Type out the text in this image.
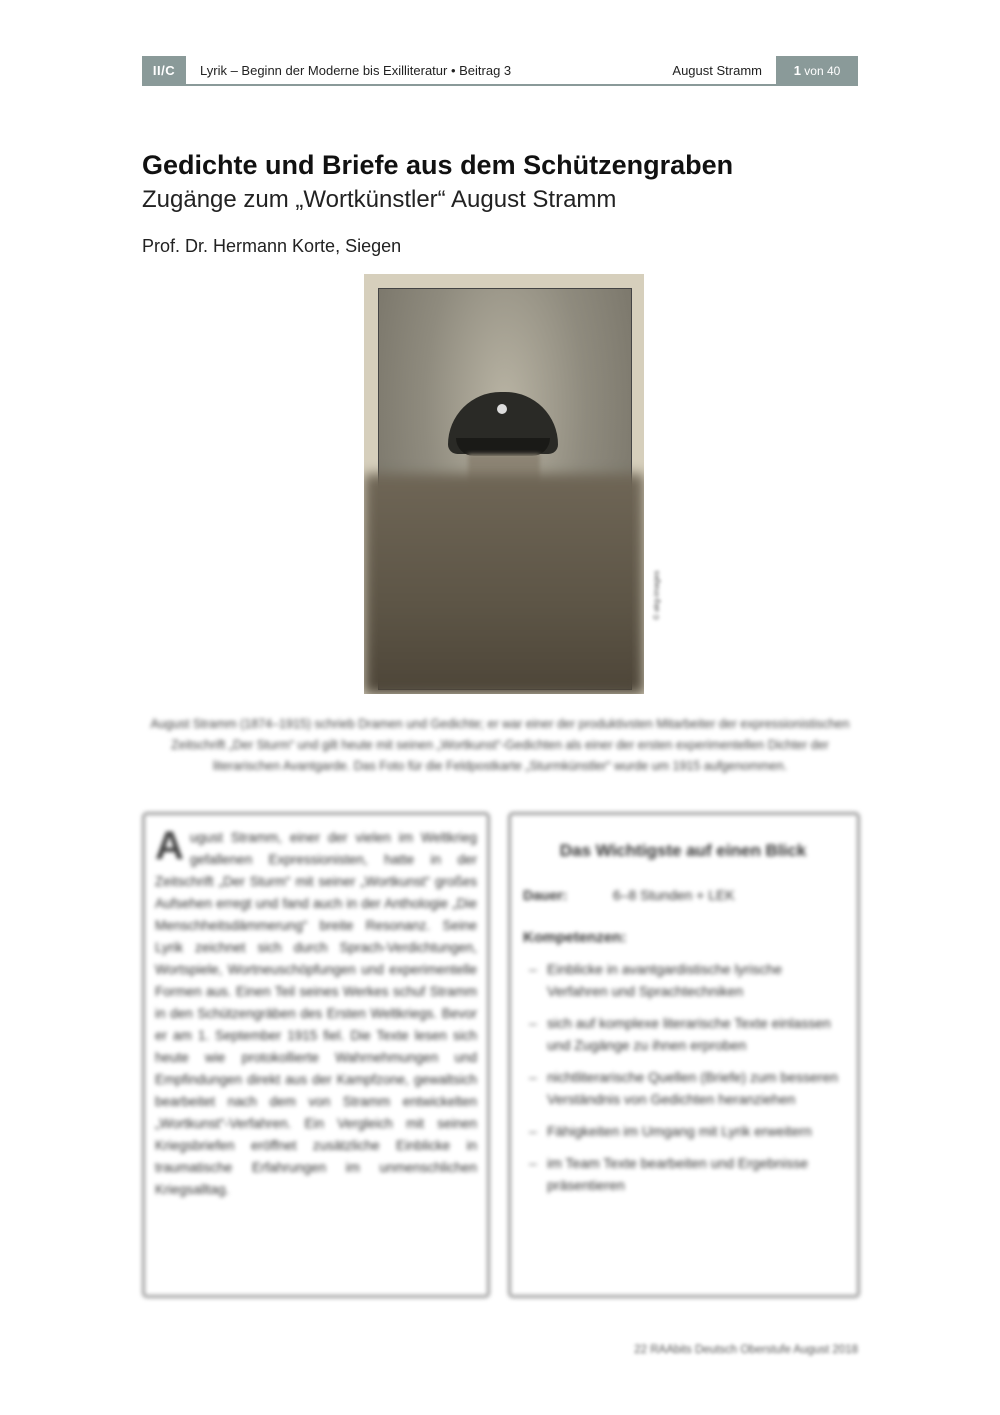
II/C	Lyrik – Beginn der Moderne bis Exilliteratur • Beitrag 3	August Stramm	1 von 40
Gedichte und Briefe aus dem Schützengraben
Zugänge zum „Wortkünstler“ August Stramm

Prof. Dr. Hermann Korte, Siegen

© akg-images

August Stramm (1874–1915) schrieb Dramen und Gedichte; er war einer der produktivsten Mitarbeiter der expressionistischen Zeitschrift „Der Sturm“ und gilt heute mit seinen „Wortkunst“-Gedichten als einer der ersten experimentellen Dichter der literarischen Avantgarde. Das Foto für die Feldpostkarte „Sturmkünstler“ wurde um 1915 aufgenommen.

August Stramm, einer der vielen im Weltkrieg gefallenen Expressionisten, hatte in der Zeitschrift „Der Sturm“ mit seiner „Wortkunst“ großes Aufsehen erregt und fand auch in der Anthologie „Die Menschheitsdämmerung“ breite Resonanz. Seine Lyrik zeichnet sich durch Sprach-Verdichtungen, Wortspiele, Wortneuschöpfungen und experimentelle Formen aus. Einen Teil seines Werkes schuf Stramm in den Schützengräben des Ersten Weltkriegs. Bevor er am 1. September 1915 fiel. Die Texte lesen sich heute wie protokollierte Wahrnehmungen und Empfindungen direkt aus der Kampfzone, gewaltsich bearbeitet nach dem von Stramm entwickelten „Wortkunst“-Verfahren. Ein Vergleich mit seinen Kriegsbriefen eröffnet zusätzliche Einblicke in traumatische Erfahrungen im unmenschlichen Kriegsalltag.

Das Wichtigste auf einen Blick
Dauer:	6–8 Stunden + LEK
Kompetenzen:
– Einblicke in avantgardistische lyrische Verfahren und Sprachtechniken
– sich auf komplexe literarische Texte einlassen und Zugänge zu ihnen erproben
– nichtliterarische Quellen (Briefe) zum besseren Verständnis von Gedichten heranziehen
– Fähigkeiten im Umgang mit Lyrik erweitern
– im Team Texte bearbeiten und Ergebnisse präsentieren
22 RAAbits Deutsch Oberstufe August 2018
